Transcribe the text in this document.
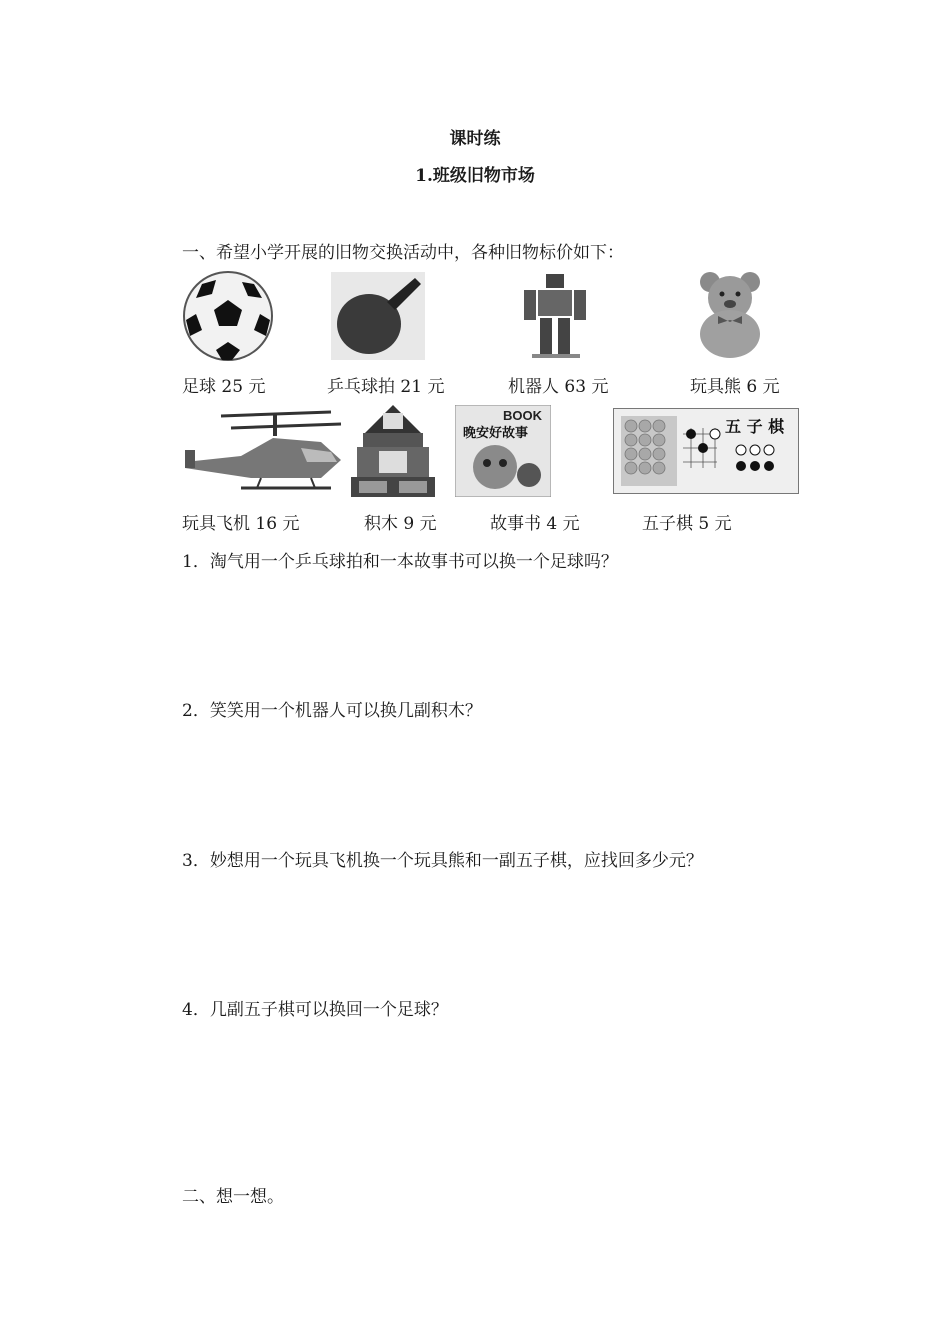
课时练
1.班级旧物市场
一、希望小学开展的旧物交换活动中，各种旧物标价如下：
足球 25 元	乒乓球拍 21 元	机器人 63 元	玩具熊 6 元
BOOK
晚安好故事	五 子 棋
玩具飞机 16 元	积木 9 元	故事书 4 元	五子棋 5 元
1．淘气用一个乒乓球拍和一本故事书可以换一个足球吗？
2．笑笑用一个机器人可以换几副积木？
3．妙想用一个玩具飞机换一个玩具熊和一副五子棋，应找回多少元？
4．几副五子棋可以换回一个足球？
二、想一想。
